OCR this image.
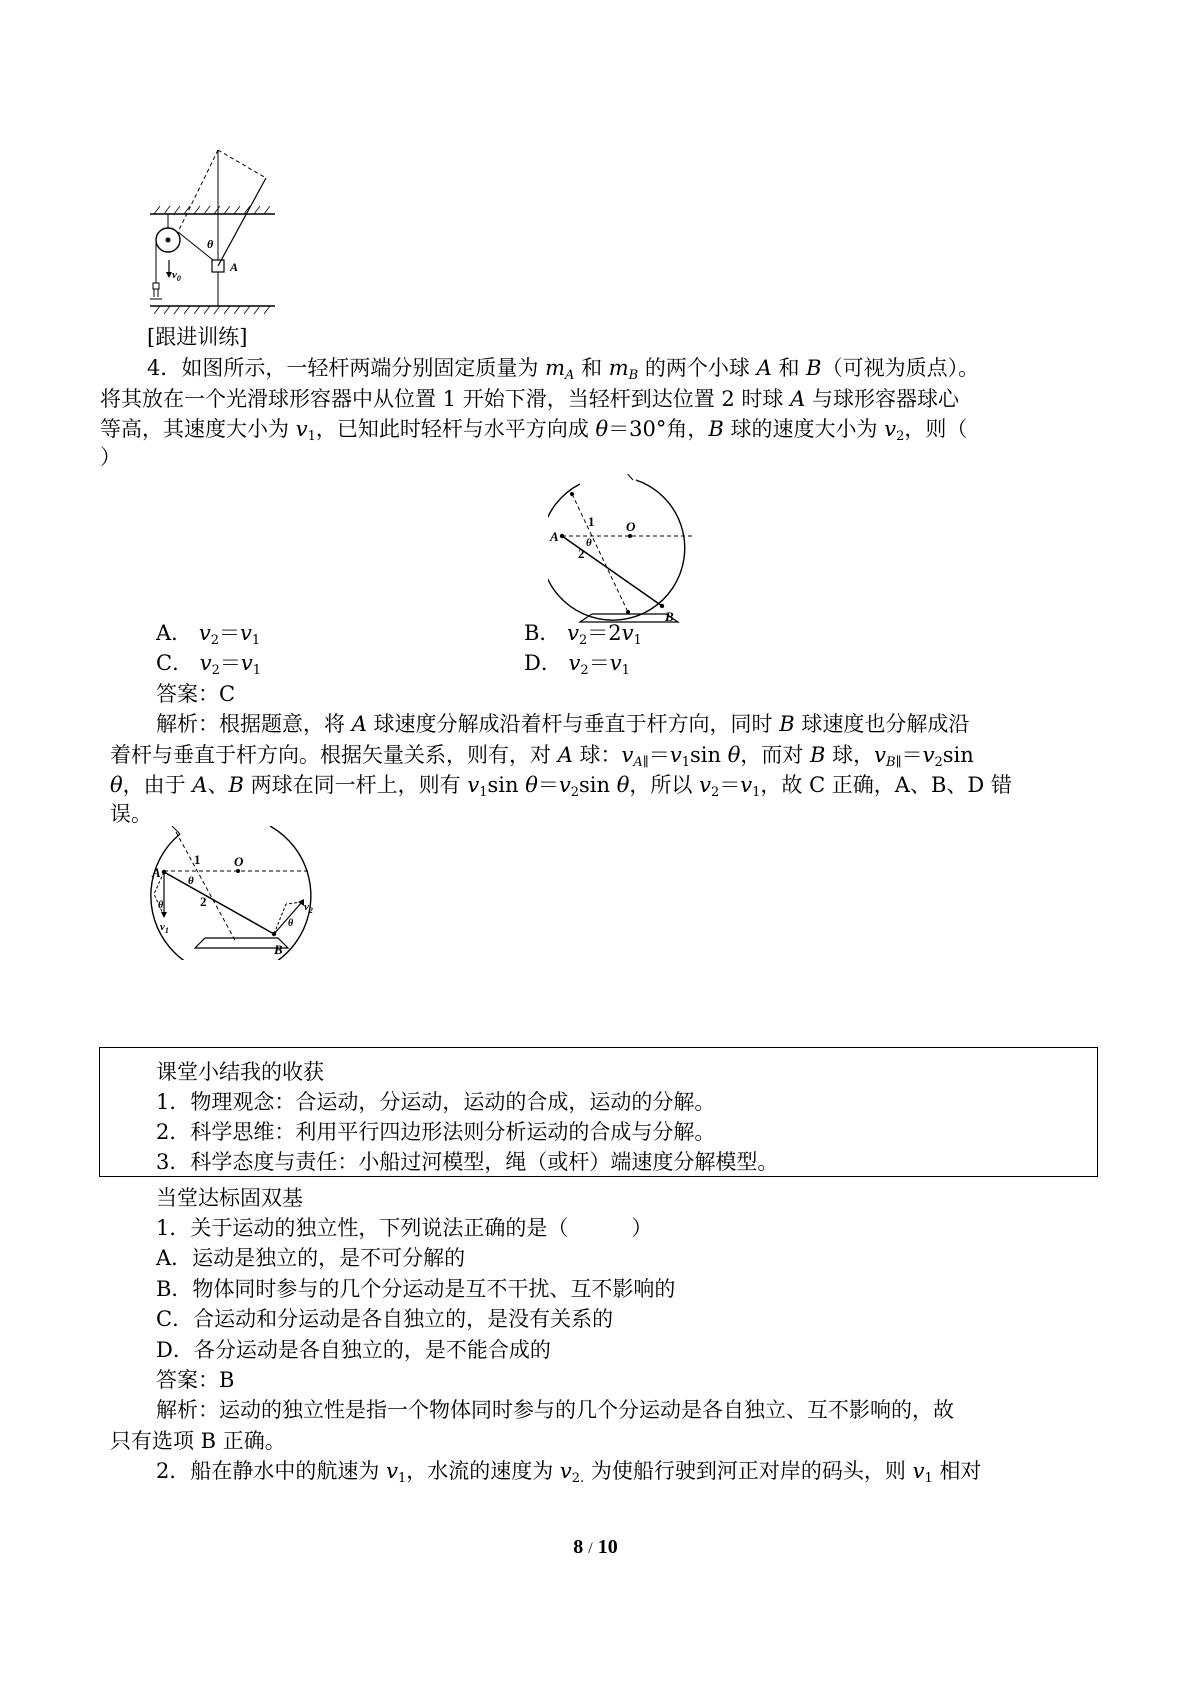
$v_0$
A
θ
[跟进训练]
4．如图所示，一轻杆两端分别固定质量为 $m_A$ 和 $m_B$ 的两个小球 A 和 B（可视为质点）。
将其放在一个光滑球形容器中从位置 1 开始下滑，当轻杆到达位置 2 时球 A 与球形容器球心
等高，其速度大小为 $v_1$，已知此时轻杆与水平方向成 θ＝30°角，B 球的速度大小为 $v_2$，则（
）
O
A
B
1
2
θ
A． $v_2=v_1$	B． $v_2=2v_1$
C． $v_2=v_1$	D． $v_2=v_1$
答案：C
解析：根据题意，将 A 球速度分解成沿着杆与垂直于杆方向，同时 B 球速度也分解成沿
着杆与垂直于杆方向。根据矢量关系，则有，对 A 球：$v_{A\parallel}=v_1\sin$ θ，而对 B 球，$v_{B\parallel}=v_2\sin$
θ，由于 A、B 两球在同一杆上，则有 $v_1\sin$ $\theta=v_2\sin$ θ，所以 $v_2=v_1$，故 C 正确，A、B、D 错
误。
O
A
B
1
2
θ
θ
$v_1$
θ
$v_2$
课堂小结我的收获
1．物理观念：合运动，分运动，运动的合成，运动的分解。
2．科学思维：利用平行四边形法则分析运动的合成与分解。
3．科学态度与责任：小船过河模型，绳（或杆）端速度分解模型。
当堂达标固双基
1．关于运动的独立性，下列说法正确的是（　　　）
A．运动是独立的，是不可分解的
B．物体同时参与的几个分运动是互不干扰、互不影响的
C．合运动和分运动是各自独立的，是没有关系的
D．各分运动是各自独立的，是不能合成的
答案：B
解析：运动的独立性是指一个物体同时参与的几个分运动是各自独立、互不影响的，故
只有选项 B 正确。
2．船在静水中的航速为 $v_1$，水流的速度为 $v_{2.}$ 为使船行驶到河正对岸的码头，则 $v_1$ 相对
8 / 10
